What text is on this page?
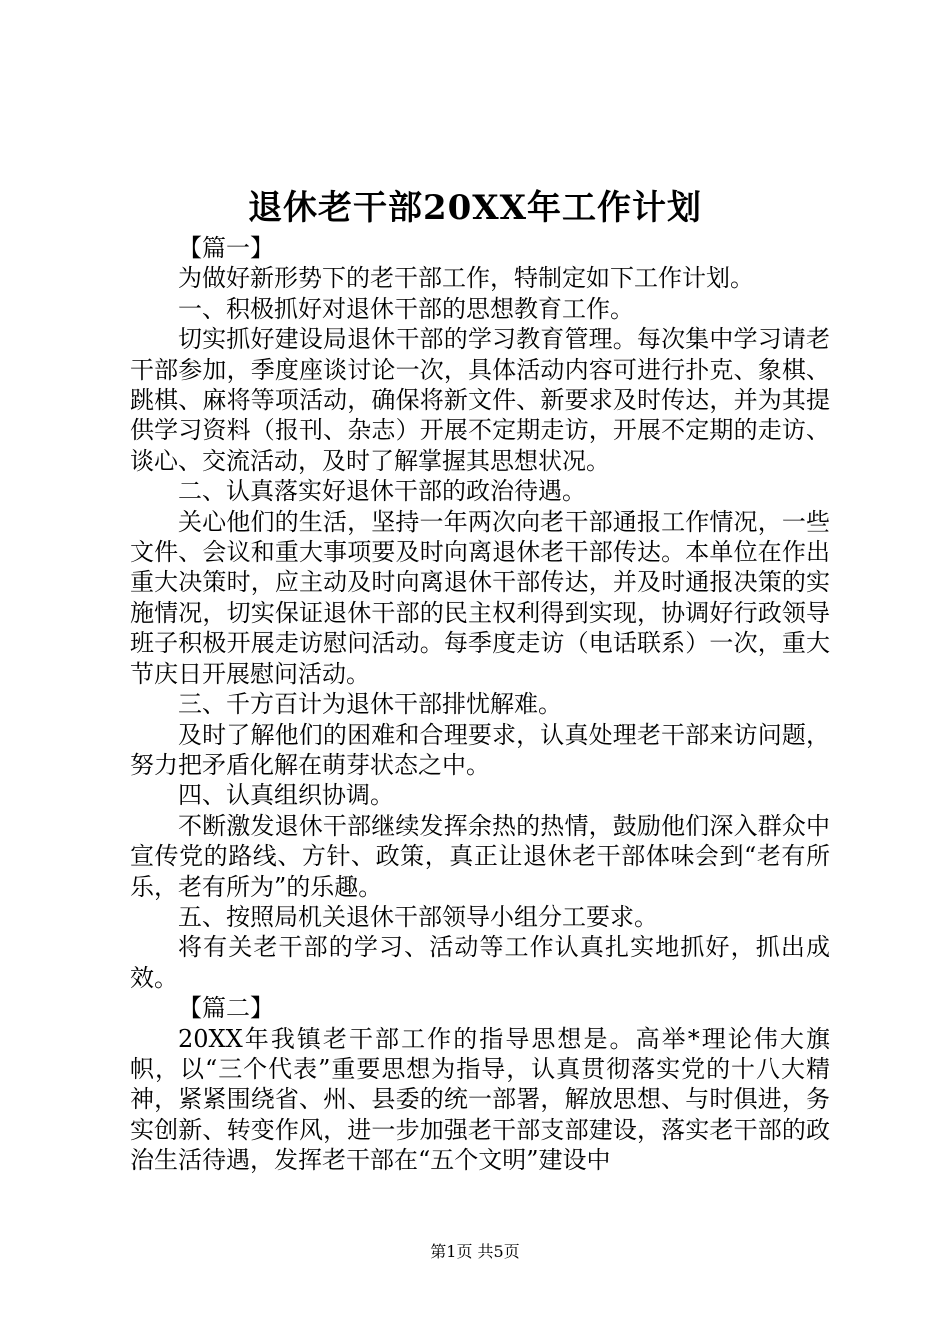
退休老干部20XX年工作计划

【篇一】

为做好新形势下的老干部工作，特制定如下工作计划。

一、积极抓好对退休干部的思想教育工作。

切实抓好建设局退休干部的学习教育管理。每次集中学习请老干部参加，季度座谈讨论一次，具体活动内容可进行扑克、象棋、跳棋、麻将等项活动，确保将新文件、新要求及时传达，并为其提供学习资料（报刊、杂志）开展不定期走访，开展不定期的走访、谈心、交流活动，及时了解掌握其思想状况。

二、认真落实好退休干部的政治待遇。

关心他们的生活，坚持一年两次向老干部通报工作情况，一些文件、会议和重大事项要及时向离退休老干部传达。本单位在作出重大决策时，应主动及时向离退休干部传达，并及时通报决策的实施情况，切实保证退休干部的民主权利得到实现，协调好行政领导班子积极开展走访慰问活动。每季度走访（电话联系）一次，重大节庆日开展慰问活动。

三、千方百计为退休干部排忧解难。

及时了解他们的困难和合理要求，认真处理老干部来访问题，努力把矛盾化解在萌芽状态之中。

四、认真组织协调。

不断激发退休干部继续发挥余热的热情，鼓励他们深入群众中宣传党的路线、方针、政策，真正让退休老干部体味会到“老有所乐，老有所为”的乐趣。

五、按照局机关退休干部领导小组分工要求。

将有关老干部的学习、活动等工作认真扎实地抓好，抓出成效。

【篇二】

20XX年我镇老干部工作的指导思想是。高举*理论伟大旗帜，以“三个代表”重要思想为指导，认真贯彻落实党的十八大精神，紧紧围绕省、州、县委的统一部署，解放思想、与时俱进，务实创新、转变作风，进一步加强老干部支部建设，落实老干部的政治生活待遇，发挥老干部在“五个文明”建设中

第1页 共5页
